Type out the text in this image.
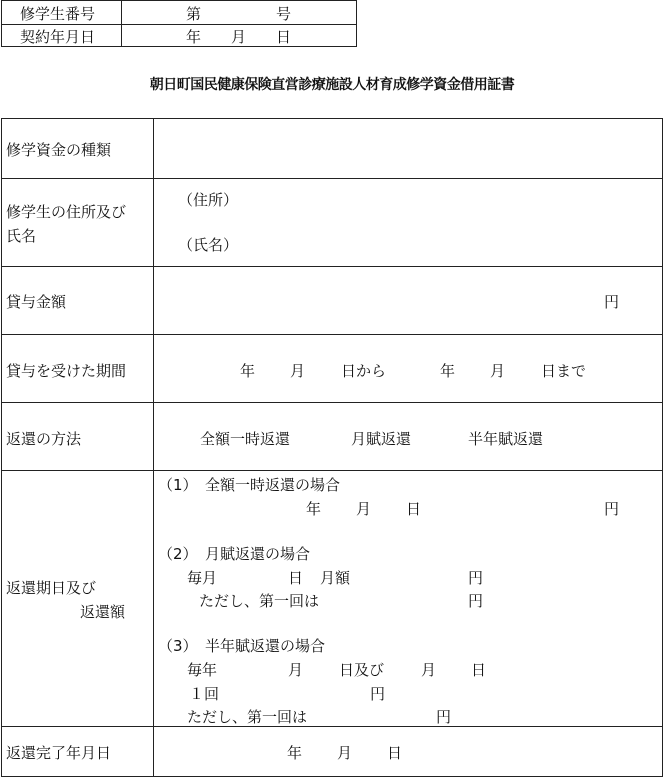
修学生番号	第　　　　　号
契約年月日	年　　月　　日
朝日町国民健康保険直営診療施設人材育成修学資金借用証書
修学資金の種類
修学生の住所及び
氏名
（住所）
（氏名）
貸与金額	円
貸与を受けた期間	年 月 日から	年 月 日まで
返還の方法	全額一時返還	月賦返還	半年賦返還
返還期日及び
返還額
（1）　全額一時返還の場合
年 月 日	円
（2）　月賦返還の場合
毎月	日 月額	円
ただし、第一回は	円
（3）　半年賦返還の場合
毎年	月 日及び 月 日
１回	円
ただし、第一回は	円
返還完了年月日	年 月 日
